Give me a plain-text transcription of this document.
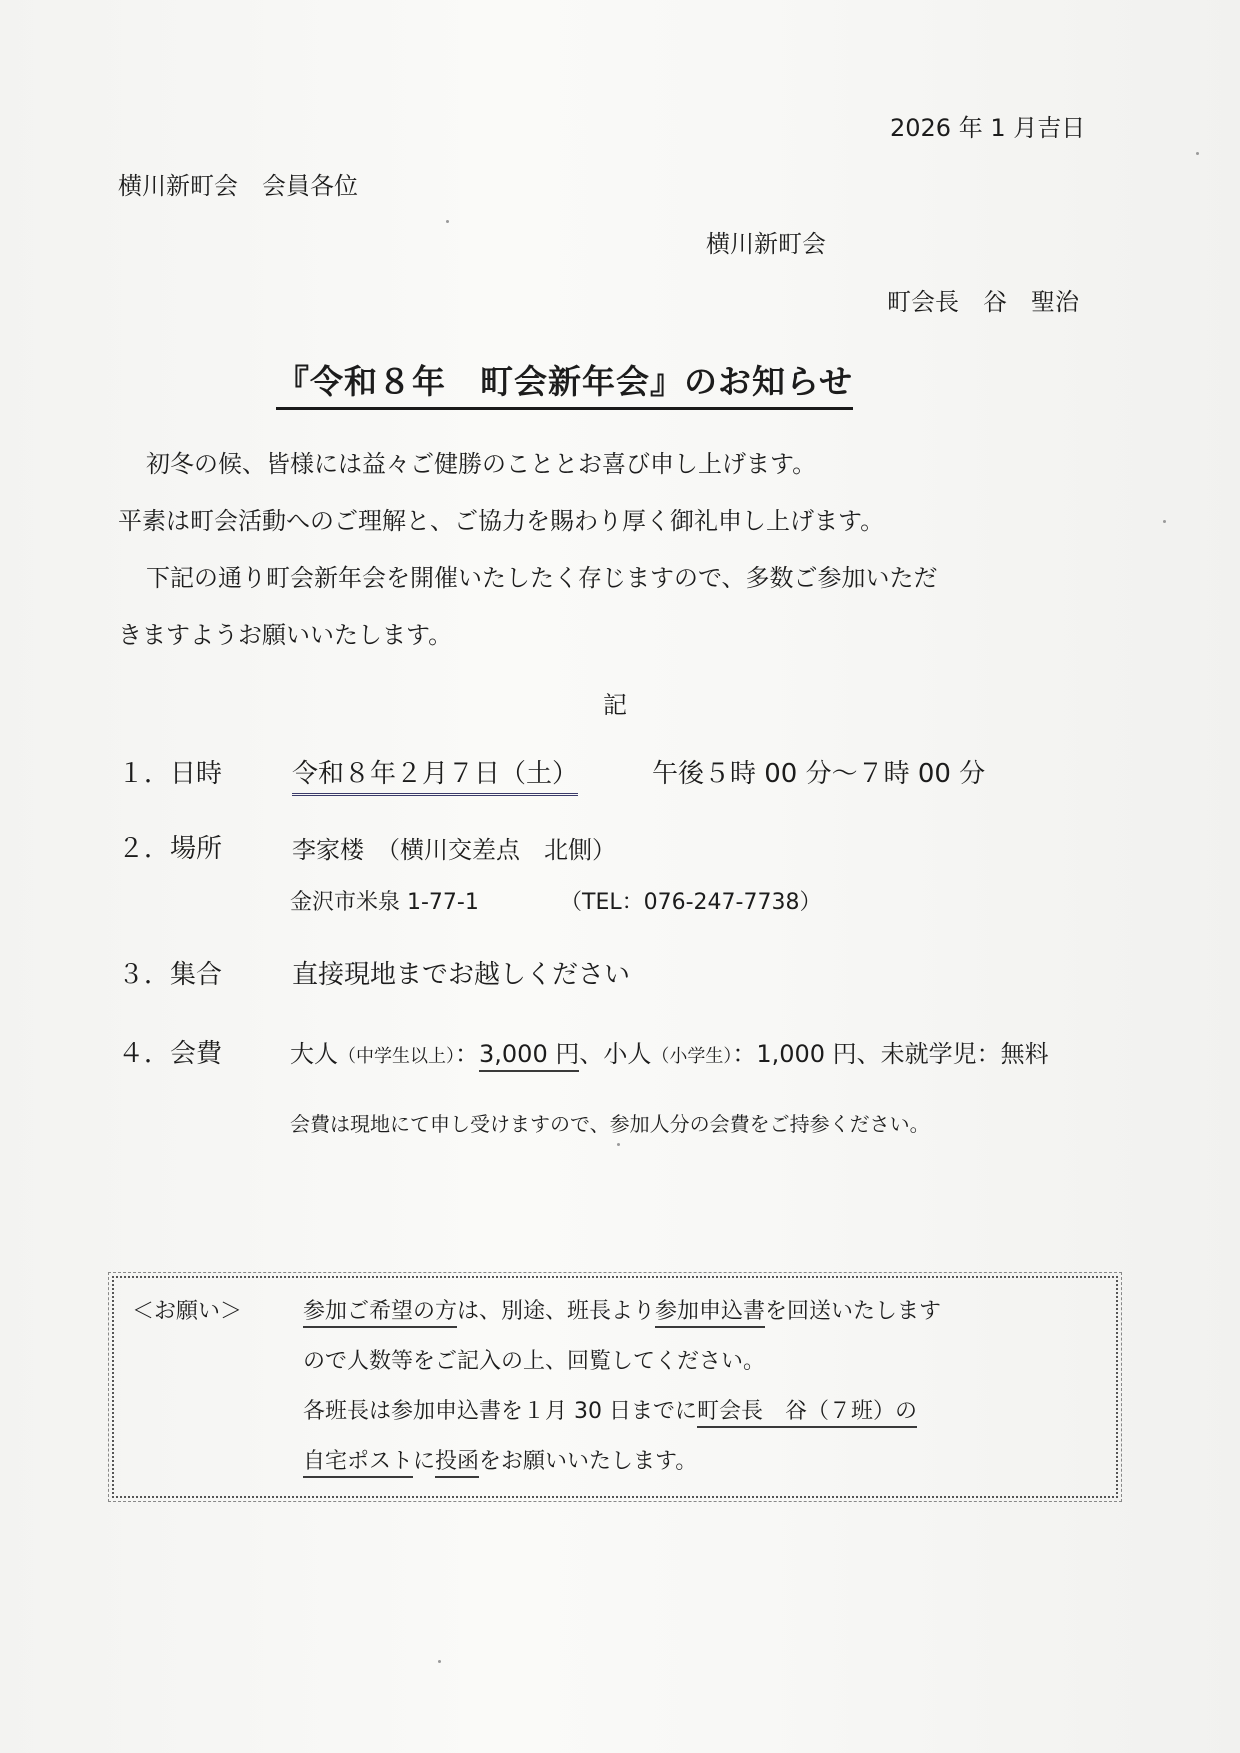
2026 年 1 月吉日
横川新町会　会員各位
横川新町会
町会長　谷　聖治
『令和８年　町会新年会』のお知らせ
初冬の候、皆様には益々ご健勝のこととお喜び申し上げます。
平素は町会活動へのご理解と、ご協力を賜わり厚く御礼申し上げます。
下記の通り町会新年会を開催いたしたく存じますので、多数ご参加いただ
きますようお願いいたします。
記
１．日時	令和８年２月７日（土）	午後５時 00 分～７時 00 分
２．場所	李家楼　（横川交差点　北側）
金沢市米泉 1-77-1	（TEL：076-247-7738）
３．集合	直接現地までお越しください
４．会費	大人（中学生以上）：3,000 円、小人（小学生）：1,000 円、未就学児：無料
会費は現地にて申し受けますので、参加人分の会費をご持参ください。
＜お願い＞	参加ご希望の方は、別途、班長より参加申込書を回送いたします
ので人数等をご記入の上、回覧してください。
各班長は参加申込書を１月 30 日までに町会長　谷（７班）の
自宅ポストに投函をお願いいたします。
